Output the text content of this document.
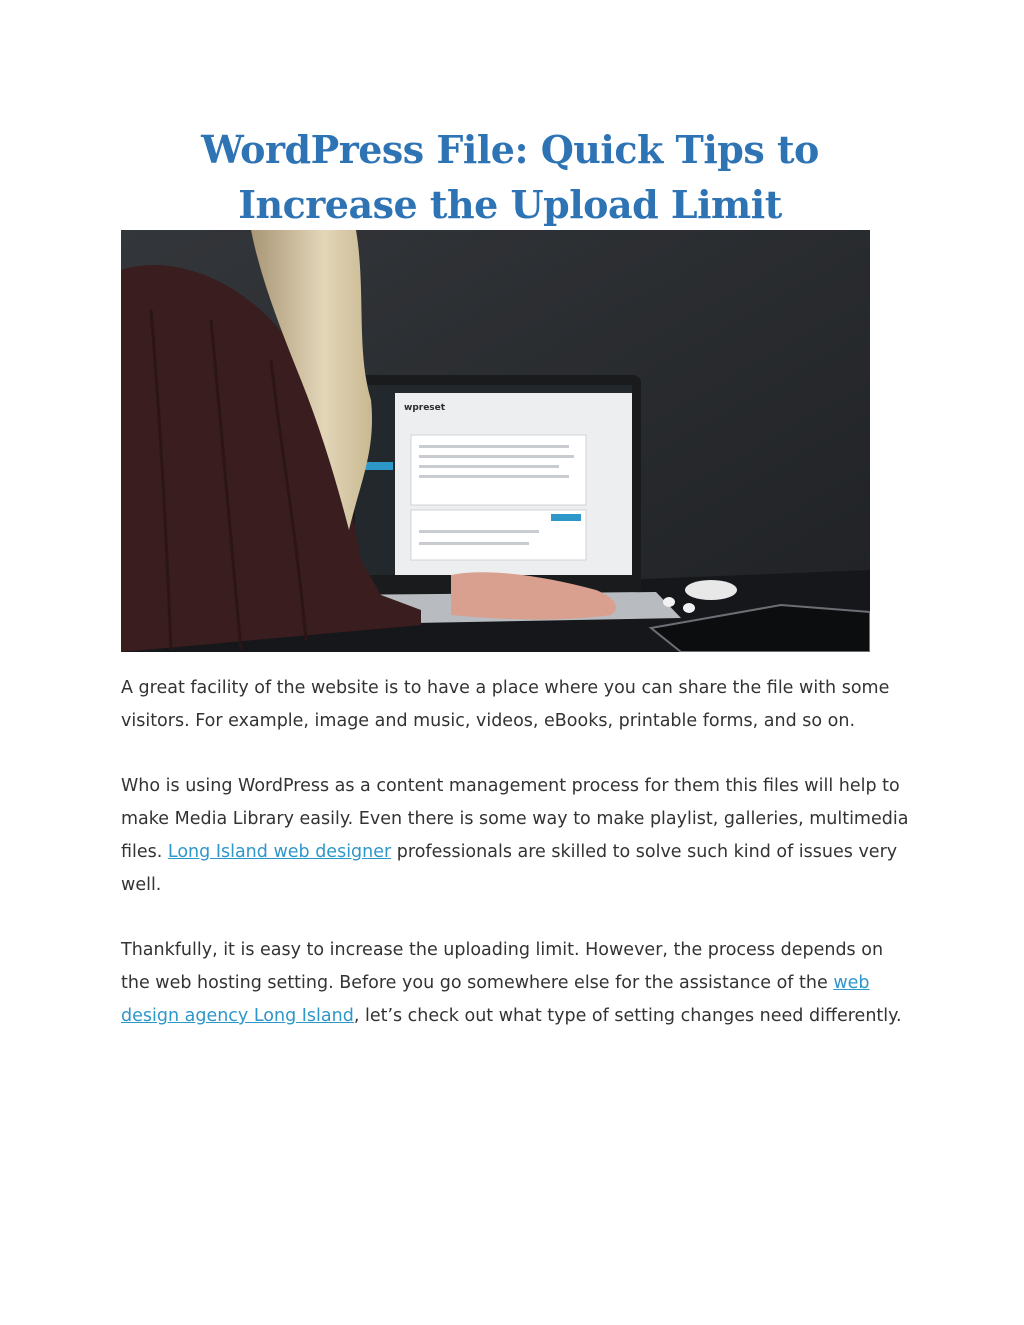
WordPress File: Quick Tips to Increase the Upload Limit
wpreset

A great facility of the website is to have a place where you can share the file with some visitors. For example, image and music, videos, eBooks, printable forms, and so on.

Who is using WordPress as a content management process for them this files will help to make Media Library easily. Even there is some way to make playlist, galleries, multimedia files. Long Island web designer professionals are skilled to solve such kind of issues very well.

Thankfully, it is easy to increase the uploading limit. However, the process depends on the web hosting setting. Before you go somewhere else for the assistance of the web design agency Long Island, let’s check out what type of setting changes need differently.
